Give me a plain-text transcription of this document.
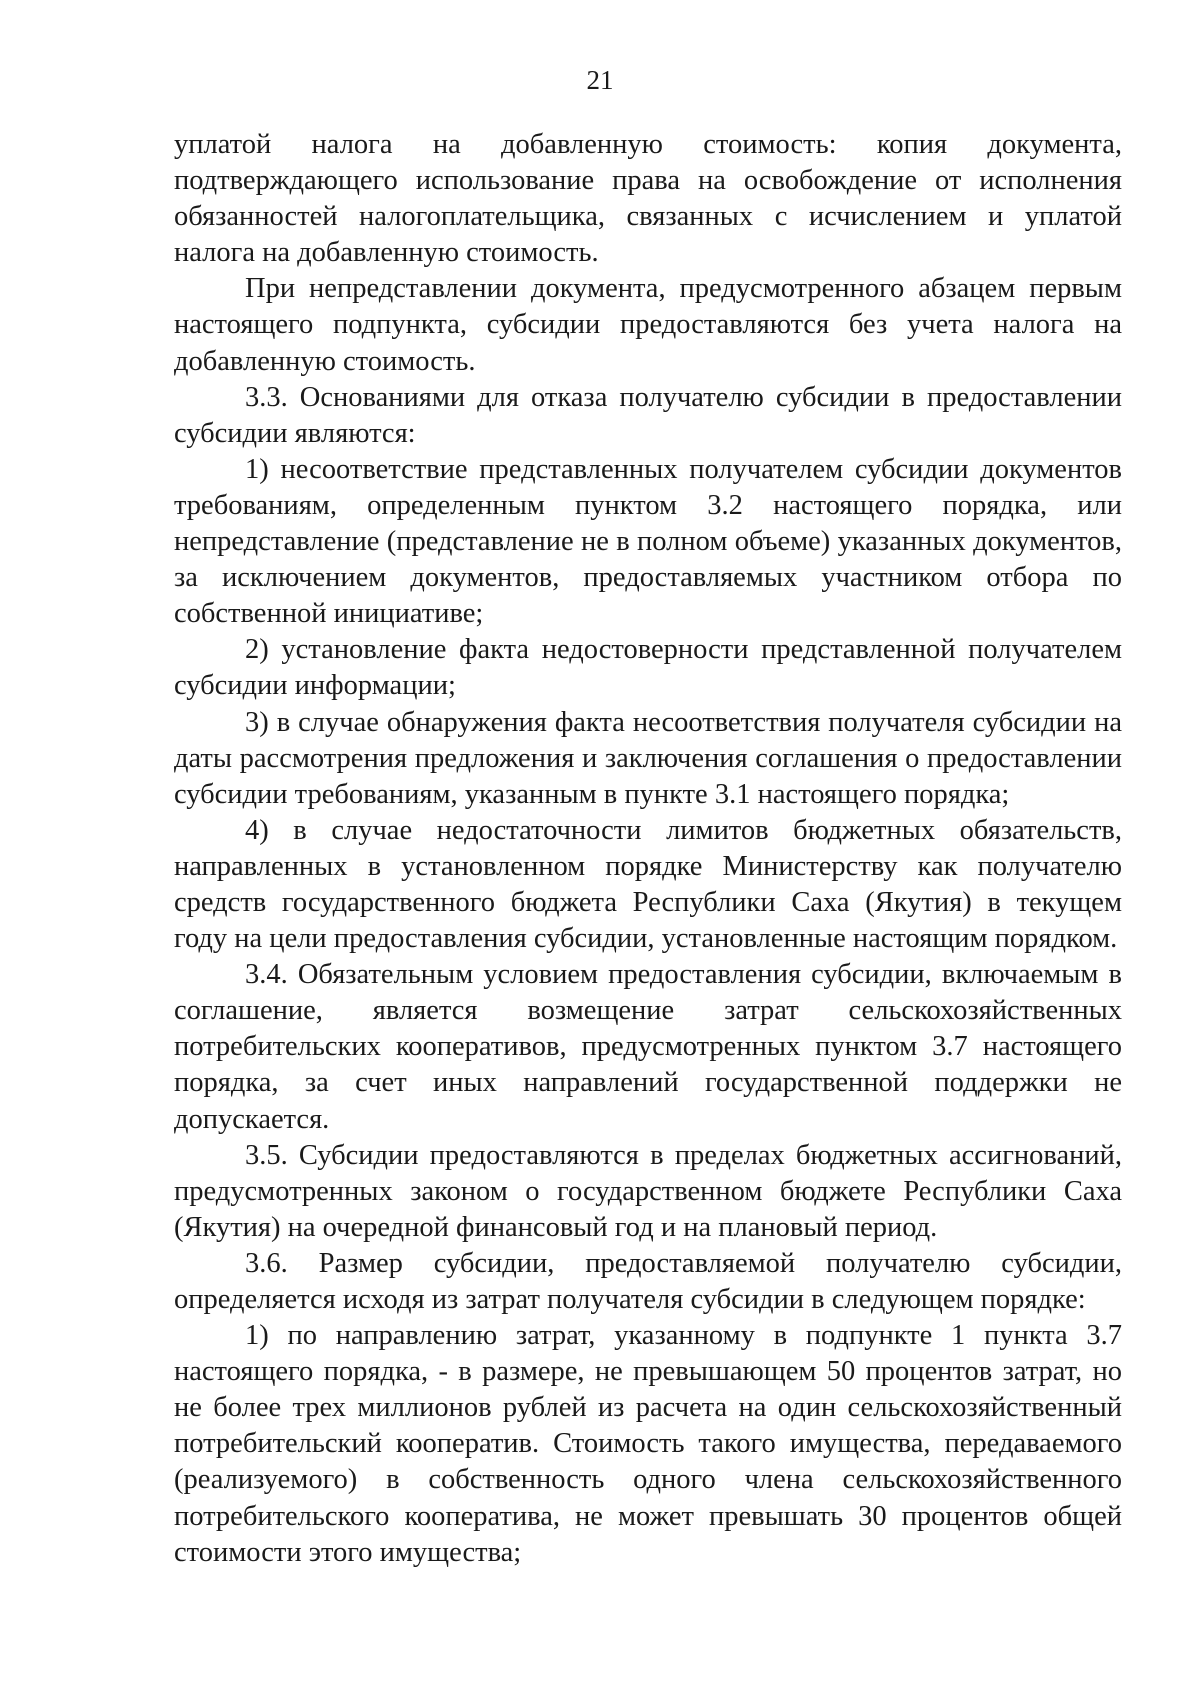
21

уплатой налога на добавленную стоимость: копия документа, подтверждающего использование права на освобождение от исполнения обязанностей налогоплательщика, связанных с исчислением и уплатой налога на добавленную стоимость.

При непредставлении документа, предусмотренного абзацем первым настоящего подпункта, субсидии предоставляются без учета налога на добавленную стоимость.

3.3. Основаниями для отказа получателю субсидии в предоставлении субсидии являются:

1) несоответствие представленных получателем субсидии документов требованиям, определенным пунктом 3.2 настоящего порядка, или непредставление (представление не в полном объеме) указанных документов, за исключением документов, предоставляемых участником отбора по собственной инициативе;

2) установление факта недостоверности представленной получателем субсидии информации;

3) в случае обнаружения факта несоответствия получателя субсидии на даты рассмотрения предложения и заключения соглашения о предоставлении субсидии требованиям, указанным в пункте 3.1 настоящего порядка;

4) в случае недостаточности лимитов бюджетных обязательств, направленных в установленном порядке Министерству как получателю средств государственного бюджета Республики Саха (Якутия) в текущем году на цели предоставления субсидии, установленные настоящим порядком.

3.4. Обязательным условием предоставления субсидии, включаемым в соглашение, является возмещение затрат сельскохозяйственных потребительских кооперативов, предусмотренных пунктом 3.7 настоящего порядка, за счет иных направлений государственной поддержки не допускается.

3.5. Субсидии предоставляются в пределах бюджетных ассигнований, предусмотренных законом о государственном бюджете Республики Саха (Якутия) на очередной финансовый год и на плановый период.

3.6. Размер субсидии, предоставляемой получателю субсидии, определяется исходя из затрат получателя субсидии в следующем порядке:

1) по направлению затрат, указанному в подпункте 1 пункта 3.7 настоящего порядка, - в размере, не превышающем 50 процентов затрат, но не более трех миллионов рублей из расчета на один сельскохозяйственный потребительский кооператив. Стоимость такого имущества, передаваемого (реализуемого) в собственность одного члена сельскохозяйственного потребительского кооператива, не может превышать 30 процентов общей стоимости этого имущества;
